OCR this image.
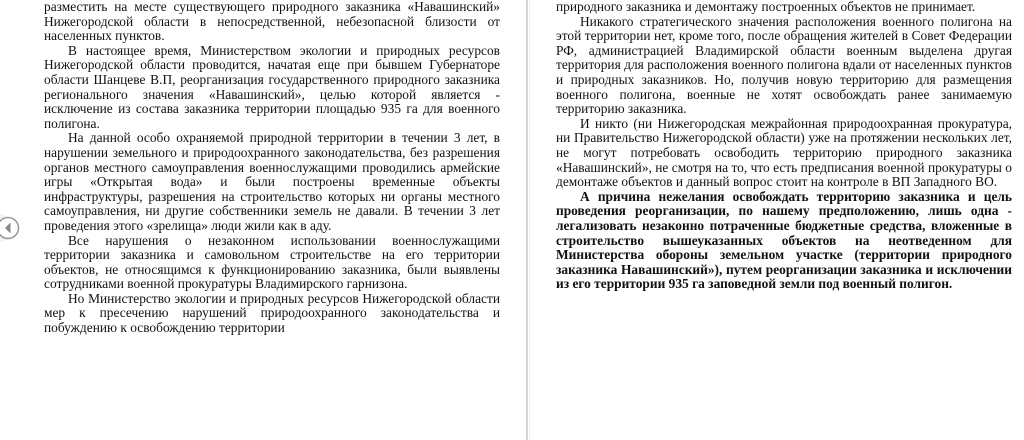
разместить на месте существующего природного заказника «Навашинский» Нижегородской области в непосредственной, небезопасной близости от населенных пунктов.

В настоящее время, Министерством экологии и природных ресурсов Нижегородской области проводится, начатая еще при бывшем Губернаторе области Шанцеве В.П, реорганизация государственного природного заказника регионального значения «Навашинский», целью которой является - исключение из состава заказника территории площадью 935 га для военного полигона.

На данной особо охраняемой природной территории в течении 3 лет, в нарушении земельного и природоохранного законодательства, без разрешения органов местного самоуправления военнослужащими проводились армейские игры «Открытая вода» и были построены временные объекты инфраструктуры, разрешения на строительство которых ни органы местного самоуправления, ни другие собственники земель не давали. В течении 3 лет проведения этого «зрелища» люди жили как в аду.

Все нарушения о незаконном использовании военнослужащими территории заказника и самовольном строительстве на его территории объектов, не относящимся к функционированию заказника, были выявлены сотрудниками военной прокуратуры Владимирского гарнизона.

Но Министерство экологии и природных ресурсов Нижегородской области мер к пресечению нарушений природоохранного законодательства и побуждению к освобождению территории

природного заказника и демонтажу построенных объектов не принимает.

Никакого стратегического значения расположения военного полигона на этой территории нет, кроме того, после обращения жителей в Совет Федерации РФ, администрацией Владимирской области военным выделена другая территория для расположения военного полигона вдали от населенных пунктов и природных заказников. Но, получив новую территорию для размещения военного полигона, военные не хотят освобождать ранее занимаемую территорию заказника.

И никто (ни Нижегородская межрайонная природоохранная прокуратура, ни Правительство Нижегородской области) уже на протяжении нескольких лет, не могут потребовать освободить территорию природного заказника «Навашинский», не смотря на то, что есть предписания военной прокуратуры о демонтаже объектов и данный вопрос стоит на контроле в ВП Западного ВО.

А причина нежелания освобождать территорию заказника и цель проведения реорганизации, по нашему предположению, лишь одна - легализовать незаконно потраченные бюджетные средства, вложенные в строительство вышеуказанных объектов на неотведенном для Министерства обороны земельном участке (территории природного заказника Навашинский»), путем реорганизации заказника и исключении из его территории 935 га заповедной земли под военный полигон.
